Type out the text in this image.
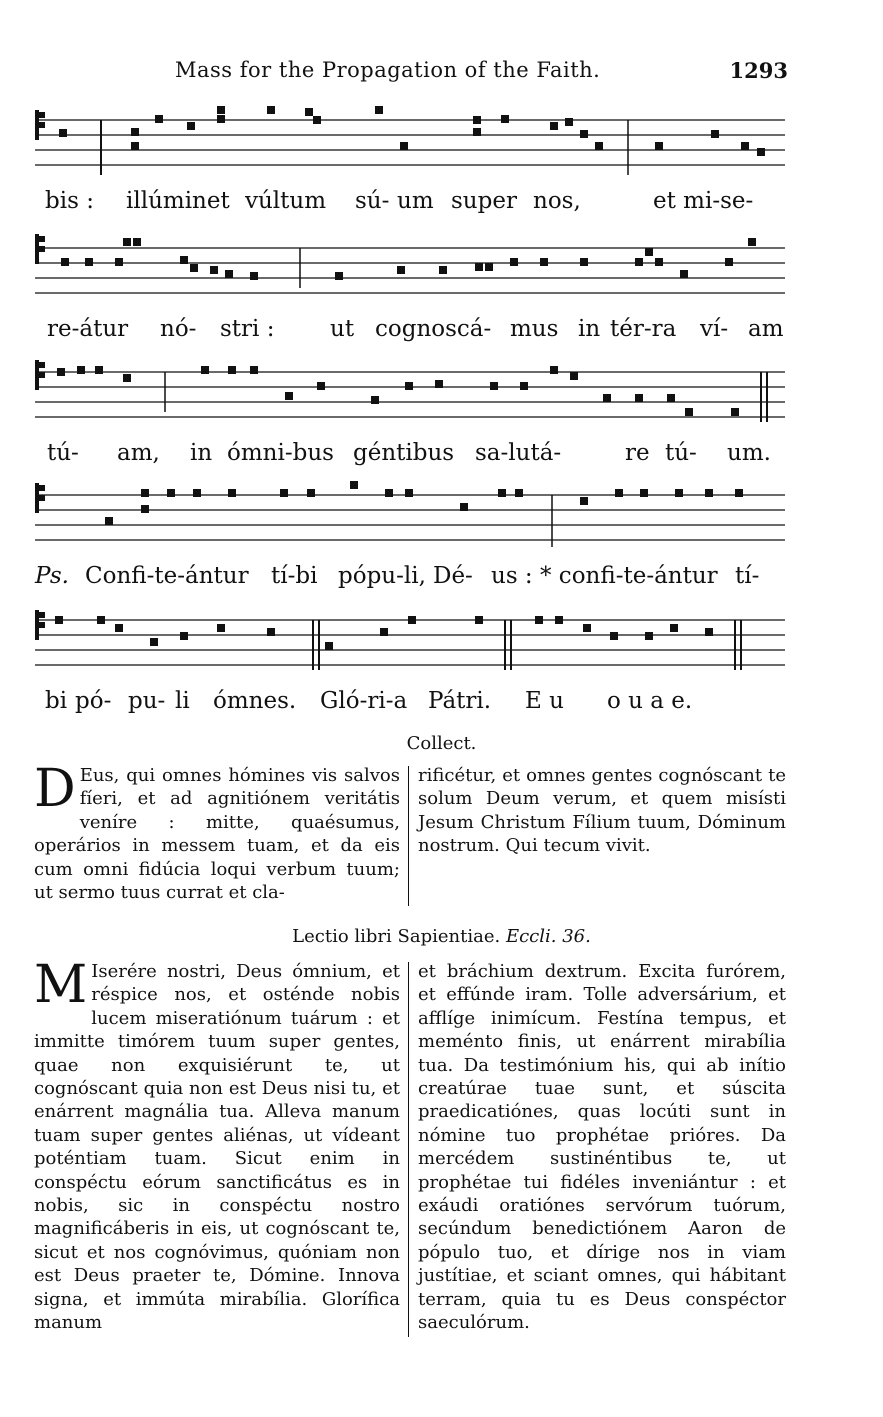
Mass for the Propagation of the Faith.	1293
bis : illúminet vúltum sú- um super nos,	et mi-se-
re-átur nó- stri : ut cognoscá- mus in tér-ra ví- am
tú- am, in ómni-bus géntibus sa-lutá-	re tú- um.
Ps. Confi-te-ántur tí-bi pópu-li, Dé- us : * confi-te-ántur tí-
bi pó- pu- li ómnes. Gló-ri-a Pátri. E u o u a e.
Collect.

D Eus, qui omnes hómines vis salvos fíeri, et ad agnitiónem veritátis veníre : mitte, quaésumus, operários in messem tuam, et da eis cum omni fidúcia loqui verbum tuum; ut sermo tuus currat et cla-

rificétur, et omnes gentes cognóscant te solum Deum verum, et quem misísti Jesum Christum Fílium tuum, Dóminum nostrum. Qui tecum vivit.

Lectio libri Sapientiae. Eccli. 36.

M Iserére nostri, Deus ómnium, et réspice nos, et osténde nobis lucem miseratiónum tuárum : et immitte timórem tuum super gentes, quae non exquisiérunt te, ut cognóscant quia non est Deus nisi tu, et enárrent magnália tua. Alleva manum tuam super gentes aliénas, ut vídeant poténtiam tuam. Sicut enim in conspéctu eórum sanctificátus es in nobis, sic in conspéctu nostro magnificáberis in eis, ut cognóscant te, sicut et nos cognóvimus, quóniam non est Deus praeter te, Dómine. Innova signa, et immúta mirabília. Glorífica manum

et bráchium dextrum. Excita furórem, et effúnde iram. Tolle adversárium, et afflíge inimícum. Festína tempus, et meménto finis, ut enárrent mirabília tua. Da testimónium his, qui ab inítio creatúrae tuae sunt, et súscita praedicatiónes, quas locúti sunt in nómine tuo prophétae prióres. Da mercédem sustinéntibus te, ut prophétae tui fidéles inveniántur : et exáudi oratiónes servórum tuórum, secúndum benedictiónem Aaron de pópulo tuo, et dírige nos in viam justítiae, et sciant omnes, qui hábitant terram, quia tu es Deus conspéctor saeculórum.
